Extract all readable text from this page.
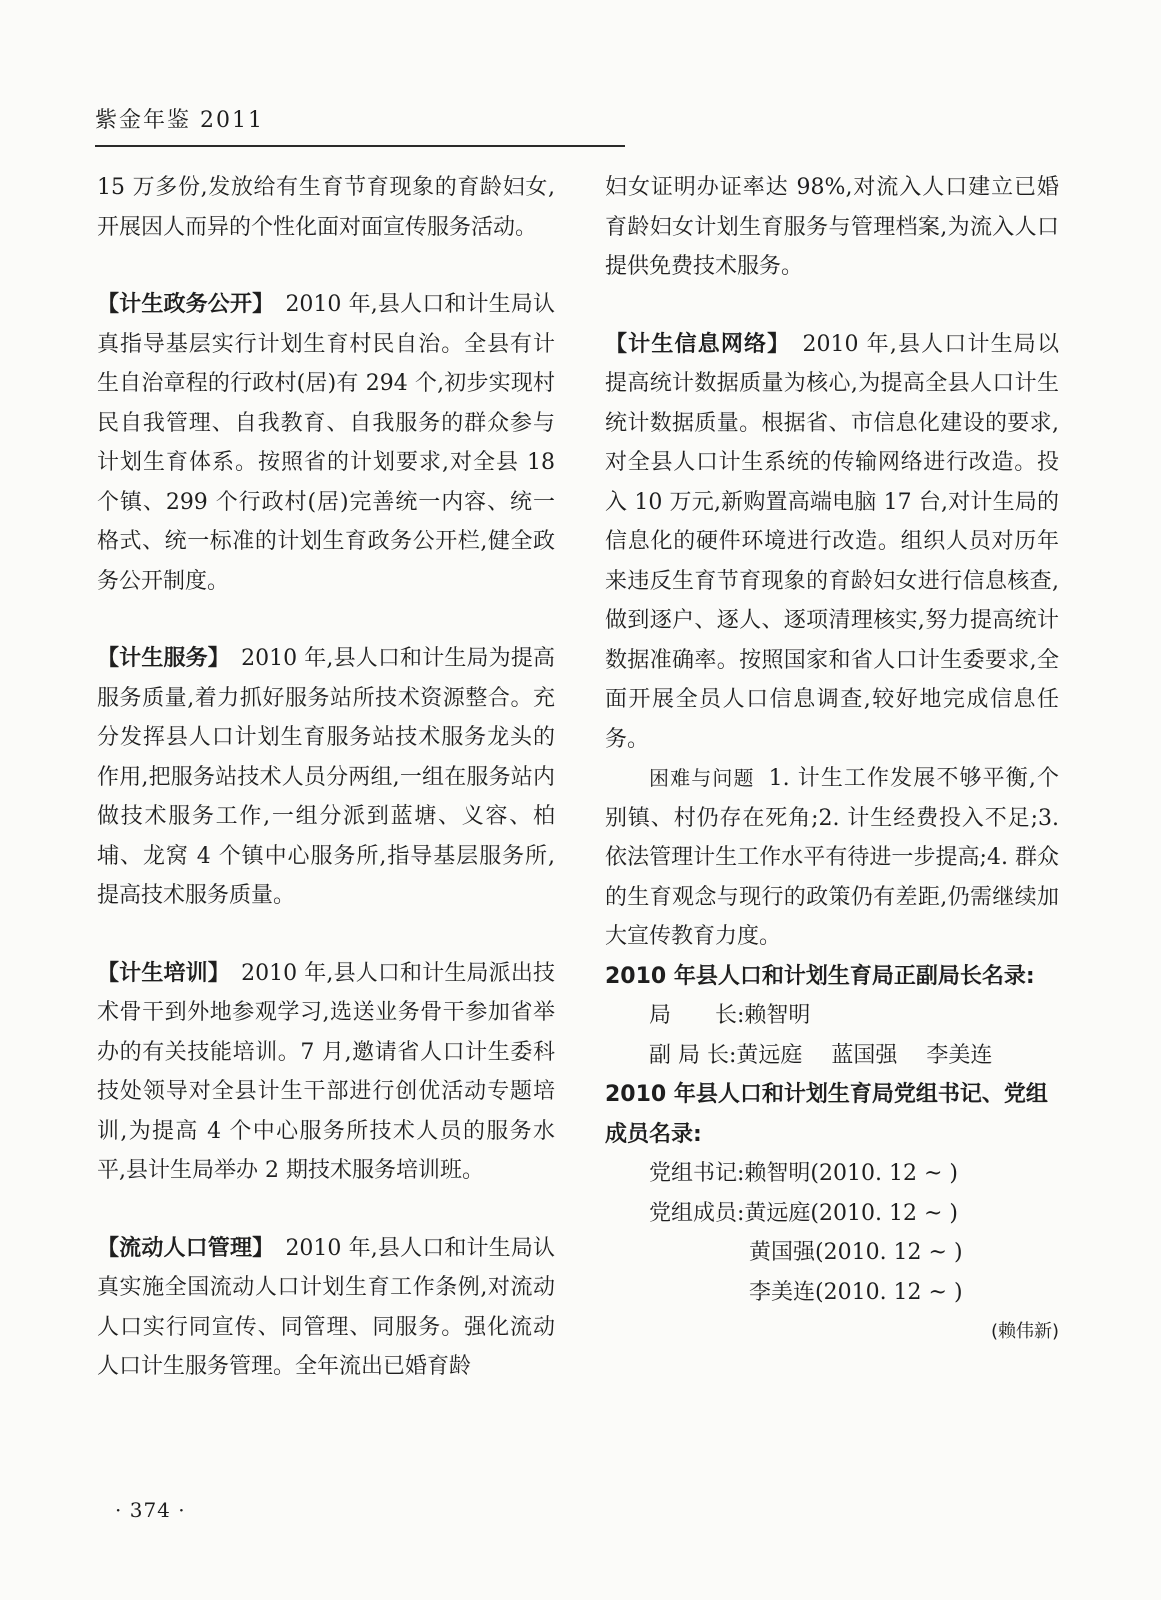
紫金年鉴 2011

15 万多份,发放给有生育节育现象的育龄妇女,开展因人而异的个性化面对面宣传服务活动。

【计生政务公开】　 2010 年,县人口和计生局认真指导基层实行计划生育村民自治。全县有计生自治章程的行政村(居)有 294 个,初步实现村民自我管理、自我教育、自我服务的群众参与计划生育体系。按照省的计划要求,对全县 18 个镇、299 个行政村(居)完善统一内容、统一格式、统一标准的计划生育政务公开栏,健全政务公开制度。

【计生服务】　 2010 年,县人口和计生局为提高服务质量,着力抓好服务站所技术资源整合。充分发挥县人口计划生育服务站技术服务龙头的作用,把服务站技术人员分两组,一组在服务站内做技术服务工作,一组分派到蓝塘、义容、柏埔、龙窝 4 个镇中心服务所,指导基层服务所,提高技术服务质量。

【计生培训】　 2010 年,县人口和计生局派出技术骨干到外地参观学习,选送业务骨干参加省举办的有关技能培训。7 月,邀请省人口计生委科技处领导对全县计生干部进行创优活动专题培训,为提高 4 个中心服务所技术人员的服务水平,县计生局举办 2 期技术服务培训班。

【流动人口管理】　 2010 年,县人口和计生局认真实施全国流动人口计划生育工作条例,对流动人口实行同宣传、同管理、同服务。强化流动人口计生服务管理。全年流出已婚育龄

妇女证明办证率达 98%,对流入人口建立已婚育龄妇女计划生育服务与管理档案,为流入人口提供免费技术服务。

【计生信息网络】　 2010 年,县人口计生局以提高统计数据质量为核心,为提高全县人口计生统计数据质量。根据省、市信息化建设的要求,对全县人口计生系统的传输网络进行改造。投入 10 万元,新购置高端电脑 17 台,对计生局的信息化的硬件环境进行改造。组织人员对历年来违反生育节育现象的育龄妇女进行信息核查,做到逐户、逐人、逐项清理核实,努力提高统计数据准确率。按照国家和省人口计生委要求,全面开展全员人口信息调查,较好地完成信息任务。

困难与问题 1. 计生工作发展不够平衡,个别镇、村仍存在死角;2. 计生经费投入不足;3. 依法管理计生工作水平有待进一步提高;4. 群众的生育观念与现行的政策仍有差距,仍需继续加大宣传教育力度。

2010 年县人口和计划生育局正副局长名录:

局　　长:赖智明

副 局 长:黄远庭　 蓝国强　 李美连

2010 年县人口和计划生育局党组书记、党组成员名录:

党组书记:赖智明(2010. 12 ~ )

党组成员:黄远庭(2010. 12 ~ )

黄国强(2010. 12 ~ )

李美连(2010. 12 ~ )

(赖伟新)

· 374 ·
